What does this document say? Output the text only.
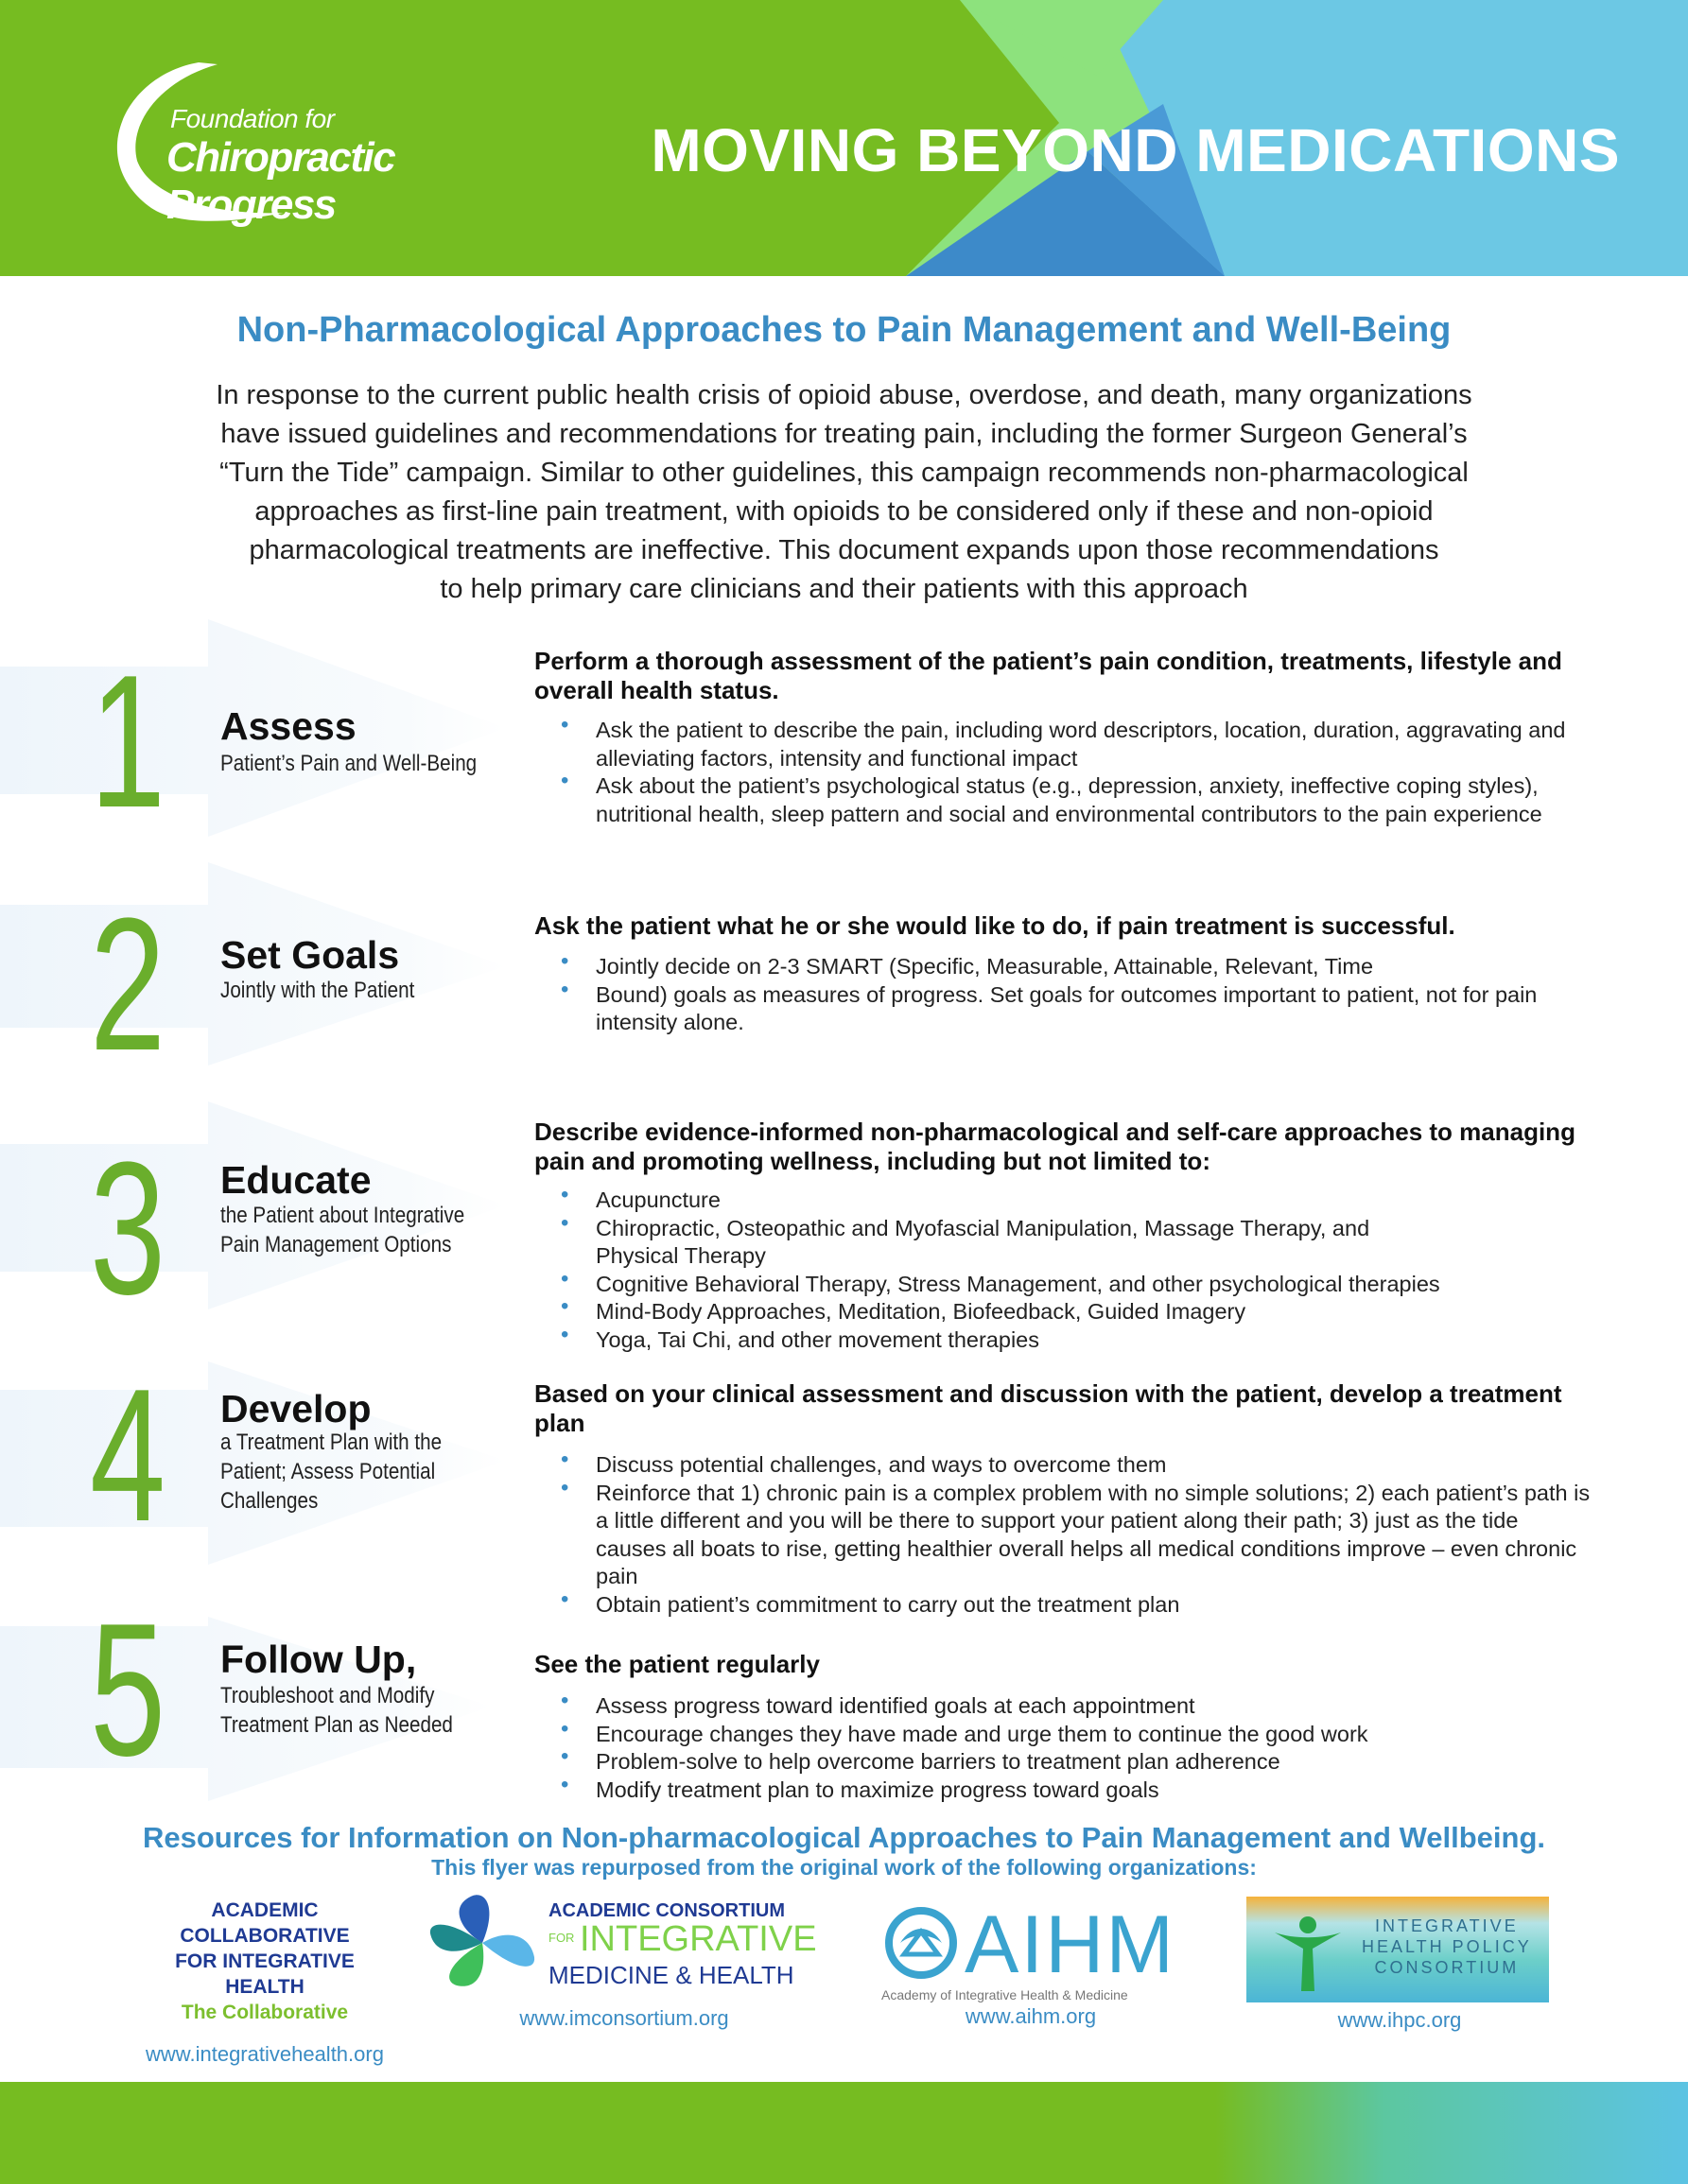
Foundation for
Chiropractic Progress
MOVING BEYOND MEDICATIONS
Non-Pharmacological Approaches to Pain Management and Well-Being
In response to the current public health crisis of opioid abuse, overdose, and death, many organizations
have issued guidelines and recommendations for treating pain, including the former Surgeon General’s
“Turn the Tide” campaign. Similar to other guidelines, this campaign recommends non-pharmacological
approaches as first-line pain treatment, with opioids to be considered only if these and non-opioid
pharmacological treatments are ineffective. This document expands upon those recommendations
to help primary care clinicians and their patients with this approach
1 Assess
Patient’s Pain and Well-Being
Perform a thorough assessment of the patient’s pain condition, treatments, lifestyle and overall health status.
• Ask the patient to describe the pain, including word descriptors, location, duration, aggravating and alleviating factors, intensity and functional impact
• Ask about the patient’s psychological status (e.g., depression, anxiety, ineffective coping styles), nutritional health, sleep pattern and social and environmental contributors to the pain experience
2 Set Goals
Jointly with the Patient
Ask the patient what he or she would like to do, if pain treatment is successful.
• Jointly decide on 2-3 SMART (Specific, Measurable, Attainable, Relevant, Time
• Bound) goals as measures of progress. Set goals for outcomes important to patient, not for pain intensity alone.
3 Educate
the Patient about Integrative
Pain Management Options
Describe evidence-informed non-pharmacological and self-care approaches to managing pain and promoting wellness, including but not limited to:
• Acupuncture
• Chiropractic, Osteopathic and Myofascial Manipulation, Massage Therapy, and Physical Therapy
• Cognitive Behavioral Therapy, Stress Management, and other psychological therapies
• Mind-Body Approaches, Meditation, Biofeedback, Guided Imagery
• Yoga, Tai Chi, and other movement therapies
4 Develop
a Treatment Plan with the
Patient; Assess Potential
Challenges
Based on your clinical assessment and discussion with the patient, develop a treatment plan
• Discuss potential challenges, and ways to overcome them
• Reinforce that 1) chronic pain is a complex problem with no simple solutions; 2) each patient’s path is a little different and you will be there to support your patient along their path; 3) just as the tide causes all boats to rise, getting healthier overall helps all medical conditions improve – even chronic pain
• Obtain patient’s commitment to carry out the treatment plan
5 Follow Up,
Troubleshoot and Modify
Treatment Plan as Needed
See the patient regularly
• Assess progress toward identified goals at each appointment
• Encourage changes they have made and urge them to continue the good work
• Problem-solve to help overcome barriers to treatment plan adherence
• Modify treatment plan to maximize progress toward goals
Resources for Information on Non-pharmacological Approaches to Pain Management and Wellbeing.
This flyer was repurposed from the original work of the following organizations:
ACADEMIC
COLLABORATIVE
FOR INTEGRATIVE
HEALTH
The Collaborative
www.integrativehealth.org
ACADEMIC CONSORTIUM
FOR INTEGRATIVE
MEDICINE & HEALTH
www.imconsortium.org
AIHM
Academy of Integrative Health & Medicine
www.aihm.org
INTEGRATIVE
HEALTH POLICY
CONSORTIUM
www.ihpc.org
